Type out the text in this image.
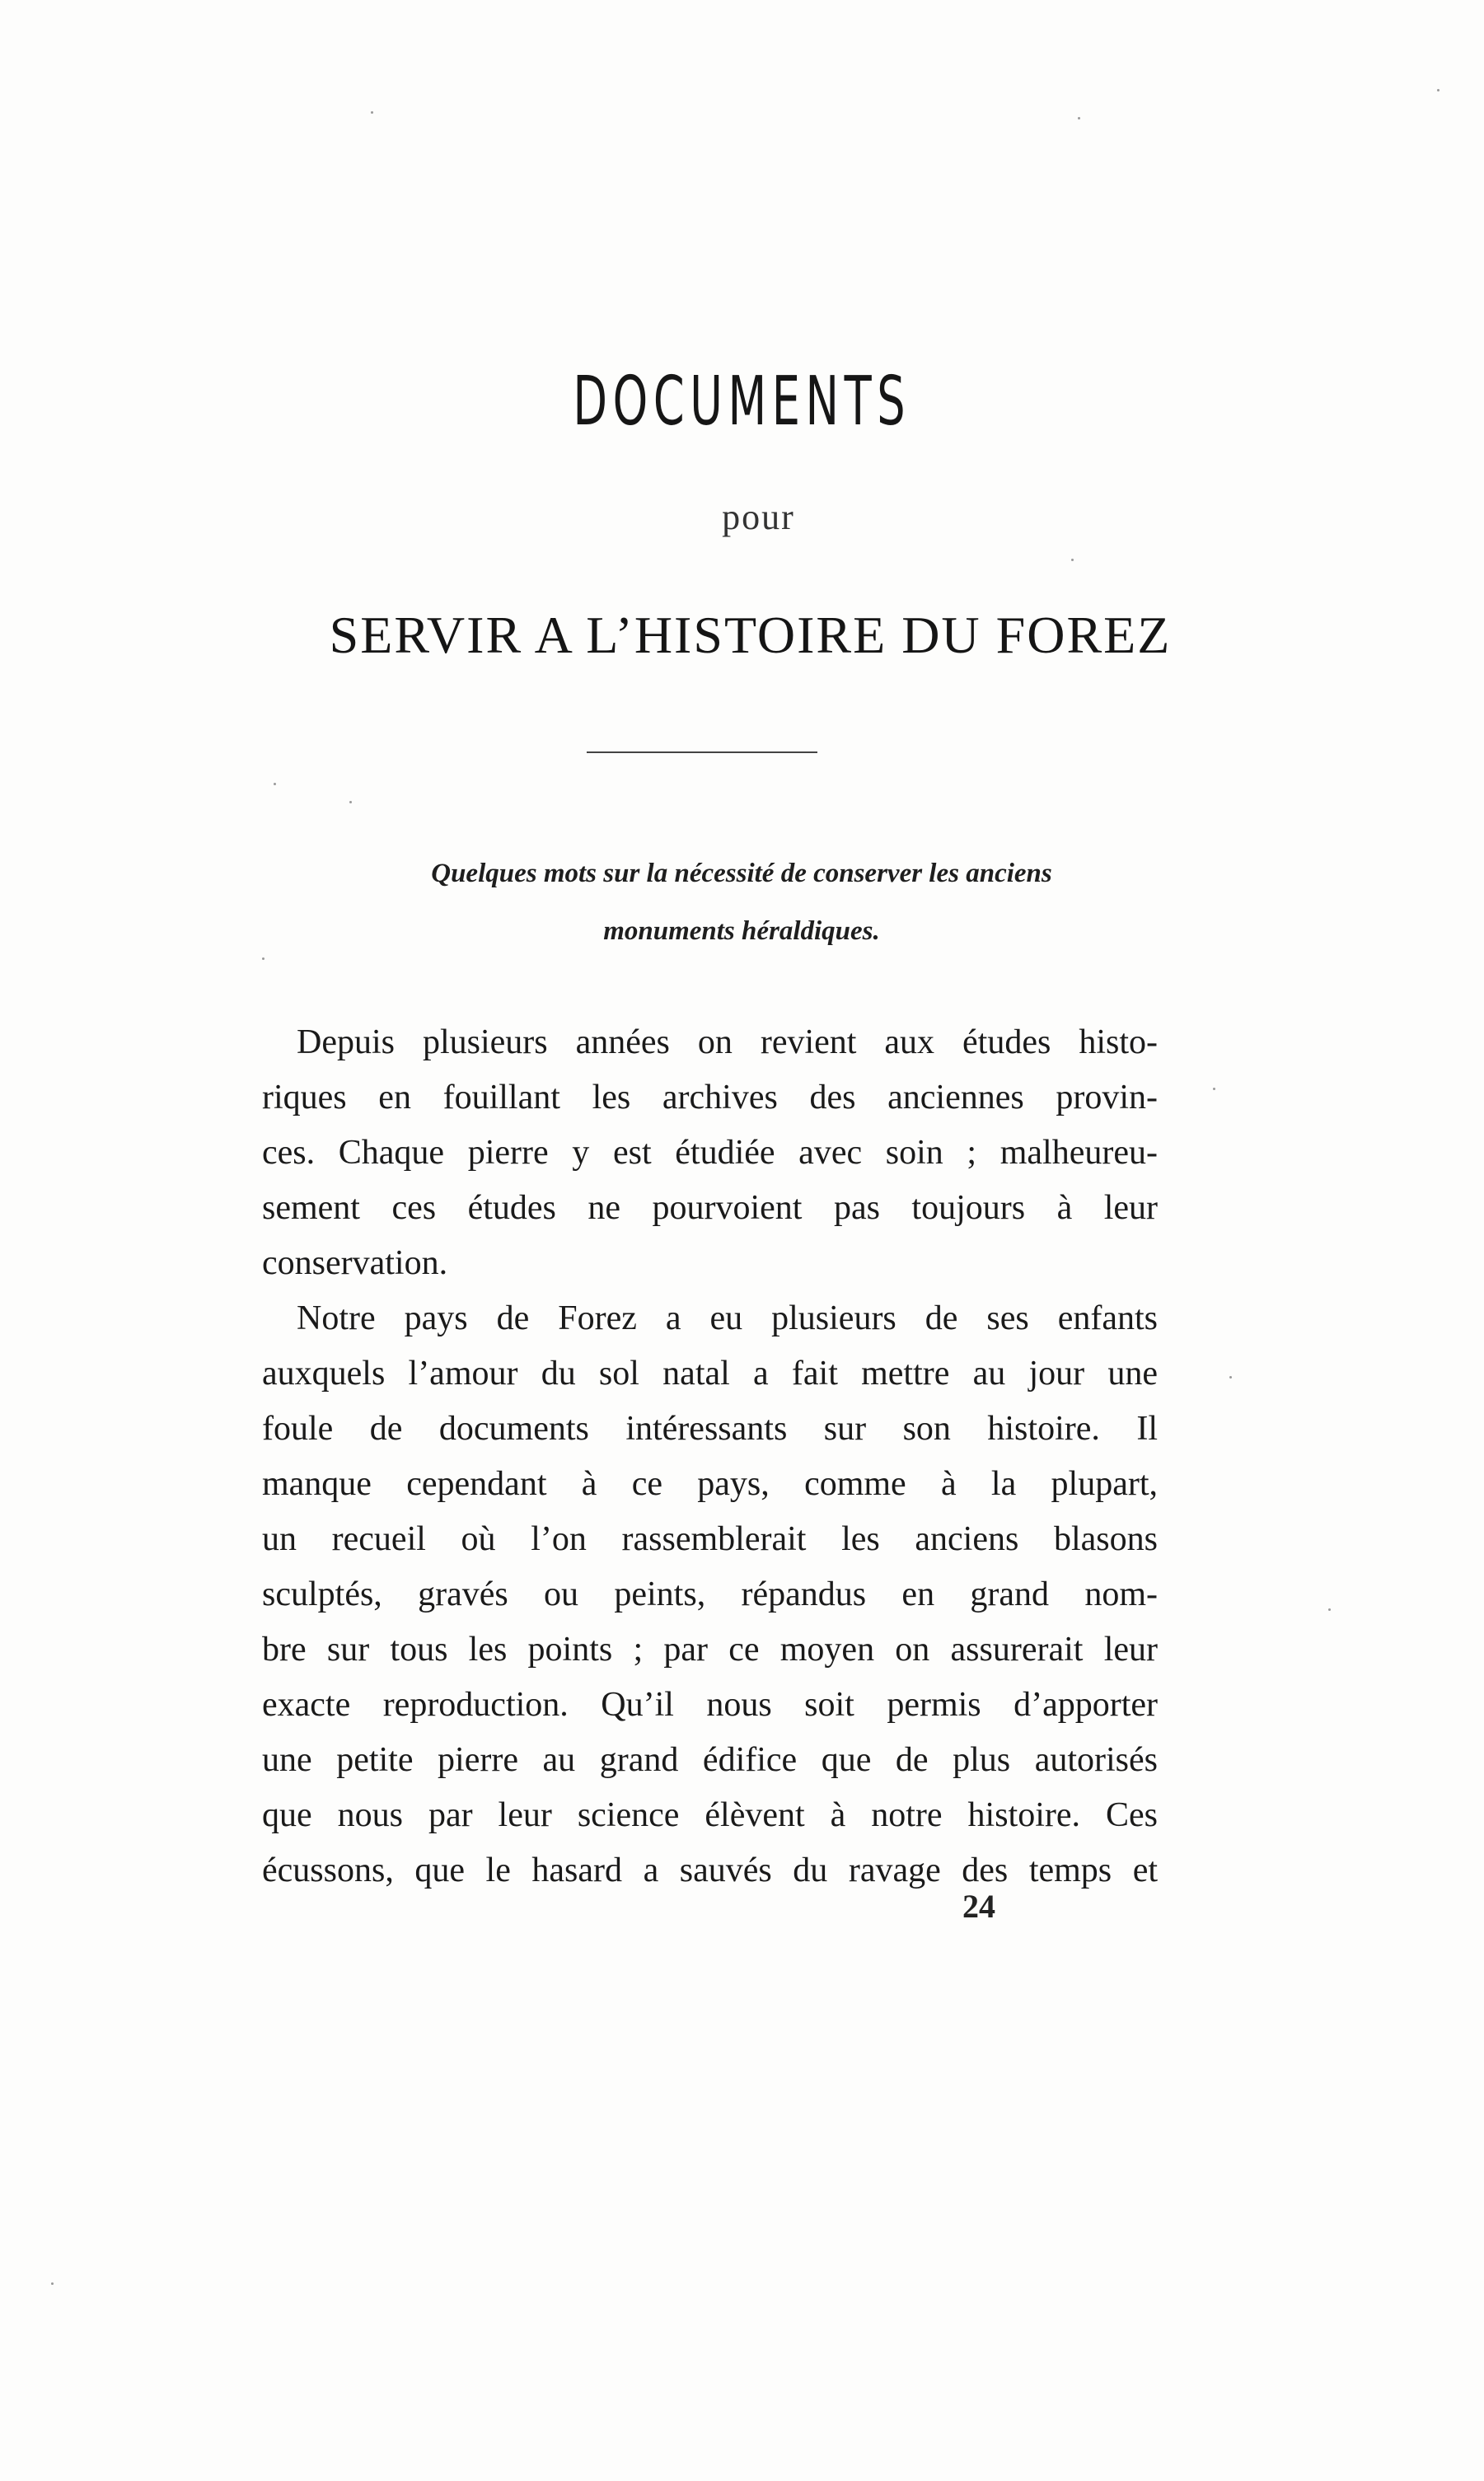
DOCUMENTS
pour
SERVIR A L’HISTOIRE DU FOREZ
Quelques mots sur la nécessité de conserver les anciens
monuments héraldiques.
Depuis plusieurs années on revient aux études histo-
riques en fouillant les archives des anciennes provin-
ces. Chaque pierre y est étudiée avec soin ; malheureu-
sement ces études ne pourvoient pas toujours à leur
conservation.
Notre pays de Forez a eu plusieurs de ses enfants
auxquels l’amour du sol natal a fait mettre au jour une
foule de documents intéressants sur son histoire. Il
manque cependant à ce pays, comme à la plupart,
un recueil où l’on rassemblerait les anciens blasons
sculptés, gravés ou peints, répandus en grand nom-
bre sur tous les points ; par ce moyen on assurerait leur
exacte reproduction. Qu’il nous soit permis d’apporter
une petite pierre au grand édifice que de plus autorisés
que nous par leur science élèvent à notre histoire. Ces
écussons, que le hasard a sauvés du ravage des temps et
24
